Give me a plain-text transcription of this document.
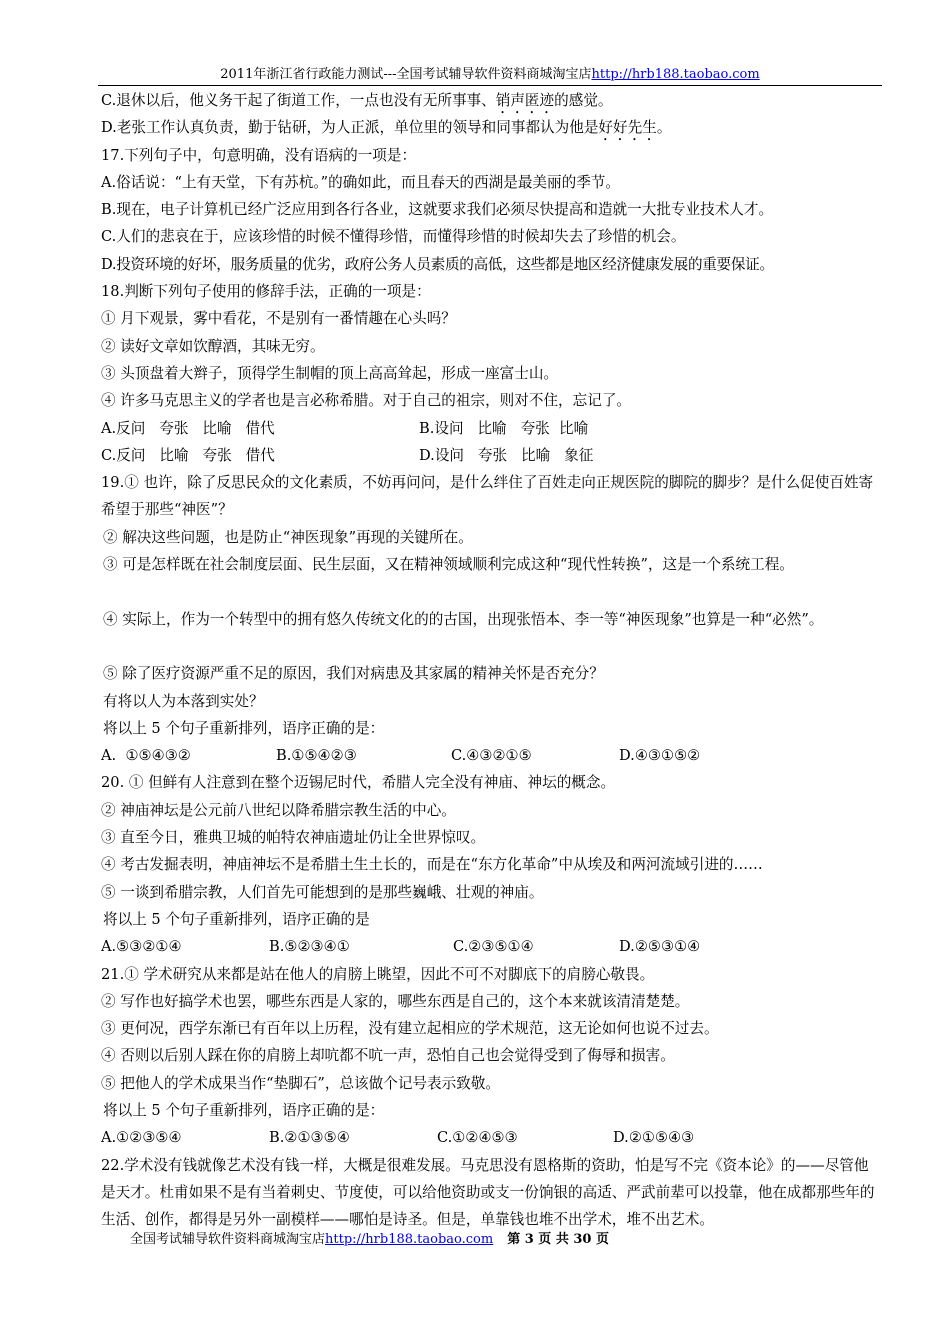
2011年浙江省行政能力测试---全国考试辅导软件资料商城淘宝店http://hrb188.taobao.com
C.退休以后，他义务干起了街道工作，一点也没有无所事事、销声匿迹的感觉。
D.老张工作认真负责，勤于钻研，为人正派，单位里的领导和同事都认为他是好好先生。
17.下列句子中，句意明确，没有语病的一项是：
A.俗话说：“上有天堂，下有苏杭。”的确如此，而且春天的西湖是最美丽的季节。
B.现在，电子计算机已经广泛应用到各行各业，这就要求我们必须尽快提高和造就一大批专业技术人才。
C.人们的悲哀在于，应该珍惜的时候不懂得珍惜，而懂得珍惜的时候却失去了珍惜的机会。
D.投资环境的好坏，服务质量的优劣，政府公务人员素质的高低，这些都是地区经济健康发展的重要保证。
18.判断下列句子使用的修辞手法，正确的一项是：
① 月下观景，雾中看花，不是别有一番情趣在心头吗？
② 读好文章如饮醇酒，其味无穷。
③ 头顶盘着大辫子，顶得学生制帽的顶上高高耸起，形成一座富士山。
④ 许多马克思主义的学者也是言必称希腊。对于自己的祖宗，则对不住，忘记了。
A.反问   夸张   比喻   借代	B.设问   比喻   夸张  比喻
C.反问   比喻   夸张   借代	D.设问   夸张   比喻   象征
19.① 也许，除了反思民众的文化素质，不妨再问问，是什么绊住了百姓走向正规医院的脚院的脚步？是什么促使百姓寄希望于那些“神医”？
② 解决这些问题，也是防止“神医现象”再现的关键所在。
③ 可是怎样既在社会制度层面、民生层面，又在精神领域顺利完成这种“现代性转换”，这是一个系统工程。
④ 实际上，作为一个转型中的拥有悠久传统文化的的古国，出现张悟本、李一等“神医现象”也算是一种“必然”。
⑤ 除了医疗资源严重不足的原因，我们对病患及其家属的精神关怀是否充分？
有将以人为本落到实处？
将以上 5 个句子重新排列，语序正确的是：
A.  ①⑤④③②	B.①⑤④②③	C.④③②①⑤	D.④③①⑤②
20. ① 但鲜有人注意到在整个迈锡尼时代，希腊人完全没有神庙、神坛的概念。
② 神庙神坛是公元前八世纪以降希腊宗教生活的中心。
③ 直至今日，雅典卫城的帕特农神庙遗址仍让全世界惊叹。
④ 考古发掘表明，神庙神坛不是希腊土生土长的，而是在“东方化革命”中从埃及和两河流域引进的……
⑤ 一谈到希腊宗教，人们首先可能想到的是那些巍峨、壮观的神庙。
将以上 5 个句子重新排列，语序正确的是
A.⑤③②①④	B.⑤②③④①	C.②③⑤①④	D.②⑤③①④
21.① 学术研究从来都是站在他人的肩膀上眺望，因此不可不对脚底下的肩膀心敬畏。
② 写作也好搞学术也罢，哪些东西是人家的，哪些东西是自己的，这个本来就该清清楚楚。
③ 更何况，西学东渐已有百年以上历程，没有建立起相应的学术规范，这无论如何也说不过去。
④ 否则以后别人踩在你的肩膀上却吭都不吭一声，恐怕自己也会觉得受到了侮辱和损害。
⑤ 把他人的学术成果当作“垫脚石”，总该做个记号表示致敬。
将以上 5 个句子重新排列，语序正确的是：
A.①②③⑤④	B.②①③⑤④	C.①②④⑤③	D.②①⑤④③
22.学术没有钱就像艺术没有钱一样，大概是很难发展。马克思没有恩格斯的资助，怕是写不完《资本论》的——尽管他是天才。杜甫如果不是有当着刺史、节度使，可以给他资助或支一份饷银的高适、严武前辈可以投靠，他在成都那些年的生活、创作，都得是另外一副模样——哪怕是诗圣。但是，单靠钱也堆不出学术，堆不出艺术。
全国考试辅导软件资料商城淘宝店http://hrb188.taobao.com 第 3 页 共 30 页
